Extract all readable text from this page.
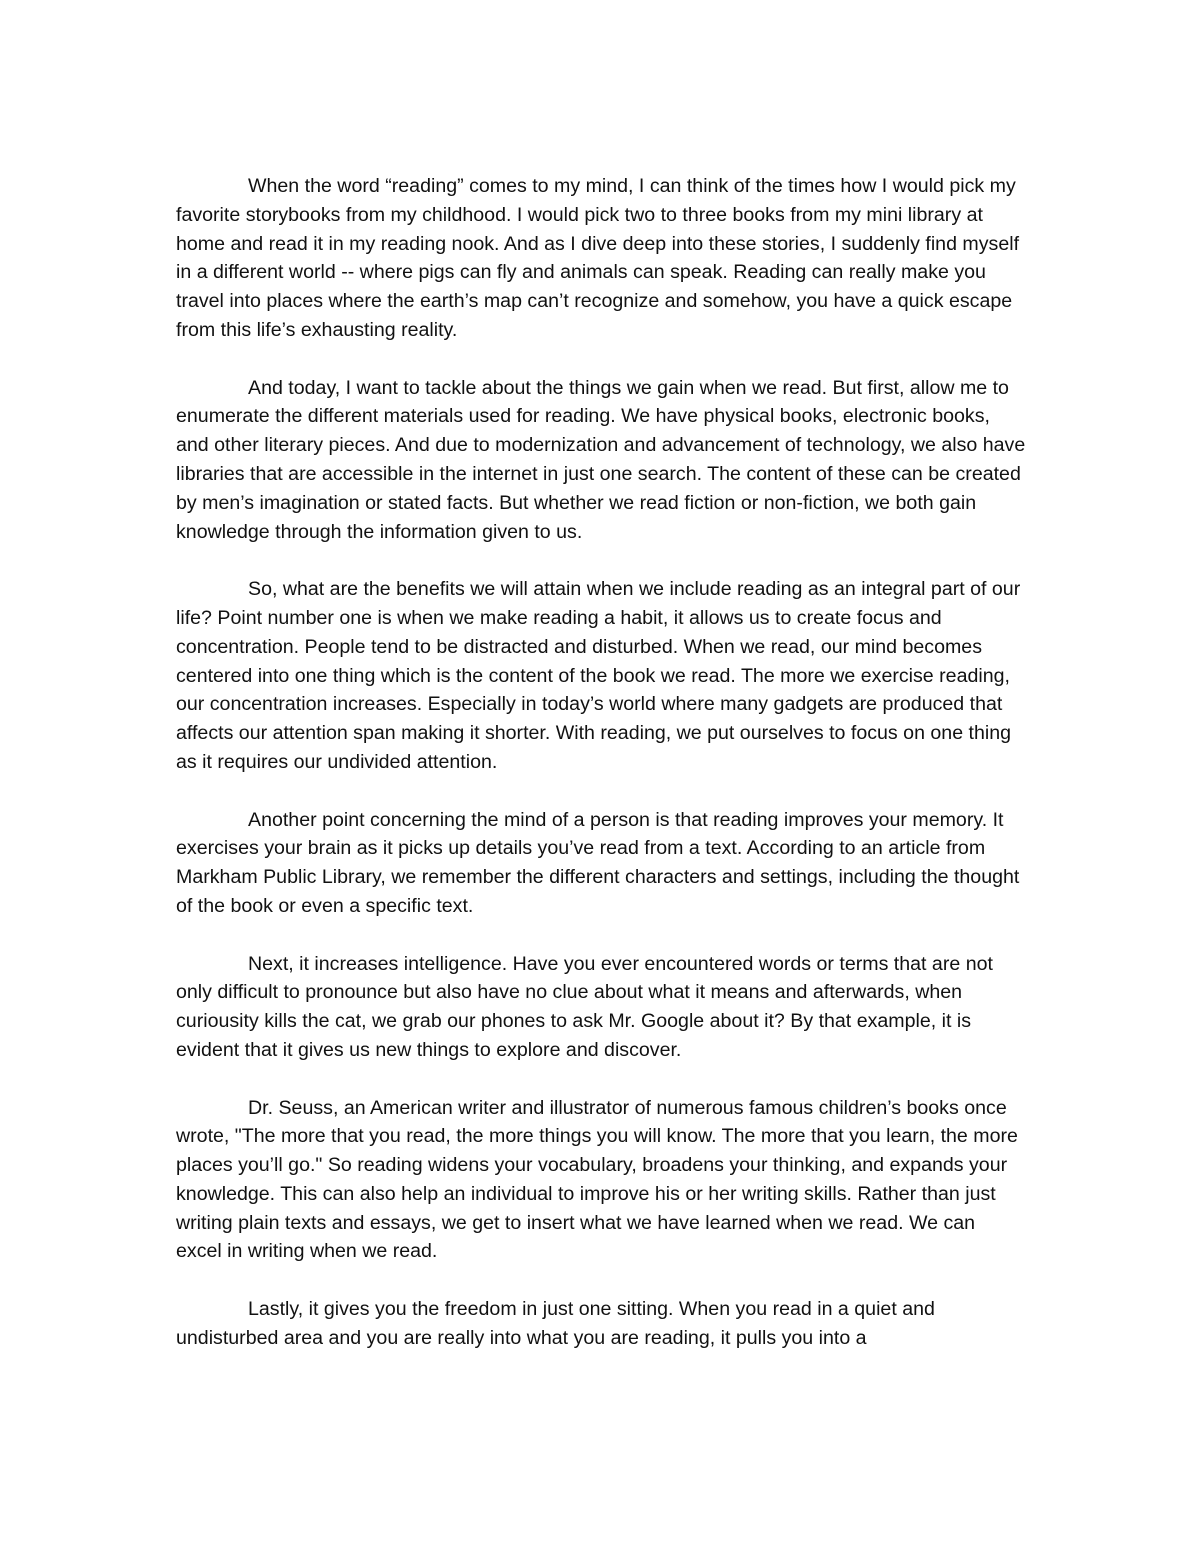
When the word “reading” comes to my mind, I can think of the times how I would pick my favorite storybooks from my childhood. I would pick two to three books from my mini library at home and read it in my reading nook. And as I dive deep into these stories, I suddenly find myself in a different world -- where pigs can fly and animals can speak. Reading can really make you travel into places where the earth’s map can’t recognize and somehow, you have a quick escape from this life’s exhausting reality.

And today, I want to tackle about the things we gain when we read. But first, allow me to enumerate the different materials used for reading. We have physical books, electronic books, and other literary pieces. And due to modernization and advancement of technology, we also have libraries that are accessible in the internet in just one search. The content of these can be created by men’s imagination or stated facts. But whether we read fiction or non-fiction, we both gain knowledge through the information given to us.

So, what are the benefits we will attain when we include reading as an integral part of our life? Point number one is when we make reading a habit, it allows us to create focus and concentration. People tend to be distracted and disturbed. When we read, our mind becomes centered into one thing which is the content of the book we read. The more we exercise reading, our concentration increases. Especially in today’s world where many gadgets are produced that affects our attention span making it shorter. With reading, we put ourselves to focus on one thing as it requires our undivided attention.

Another point concerning the mind of a person is that reading improves your memory. It exercises your brain as it picks up details you’ve read from a text. According to an article from Markham Public Library, we remember the different characters and settings, including the thought of the book or even a specific text.

Next, it increases intelligence. Have you ever encountered words or terms that are not only difficult to pronounce but also have no clue about what it means and afterwards, when curiousity kills the cat, we grab our phones to ask Mr. Google about it? By that example, it is evident that it gives us new things to explore and discover.

Dr. Seuss, an American writer and illustrator of numerous famous children’s books once wrote, "The more that you read, the more things you will know. The more that you learn, the more places you’ll go." So reading widens your vocabulary, broadens your thinking, and expands your knowledge. This can also help an individual to improve his or her writing skills. Rather than just writing plain texts and essays, we get to insert what we have learned when we read. We can excel in writing when we read.

Lastly, it gives you the freedom in just one sitting. When you read in a quiet and undisturbed area and you are really into what you are reading, it pulls you into a
